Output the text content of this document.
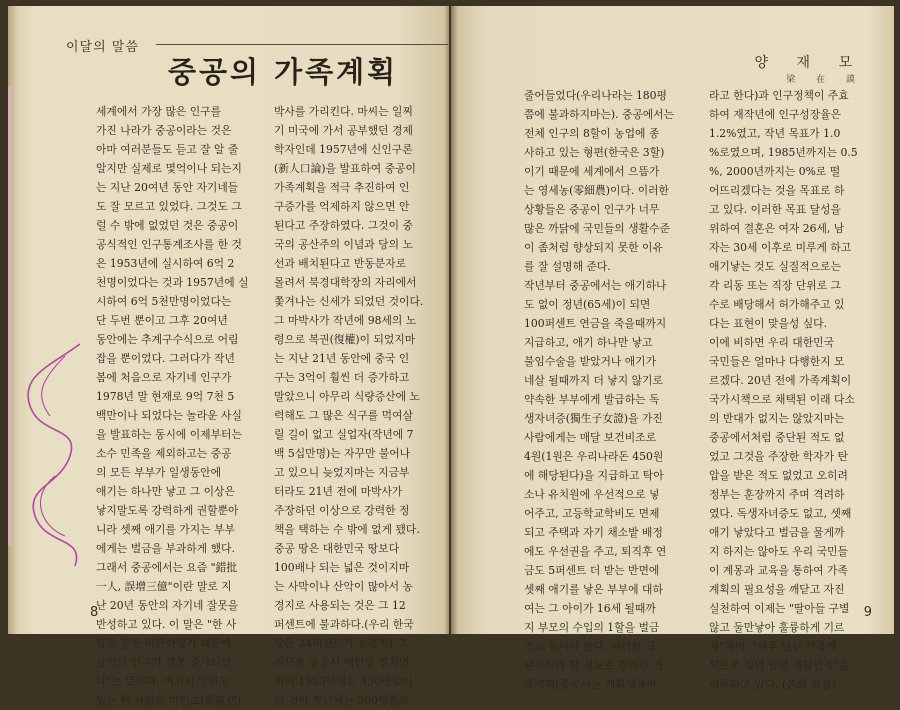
이달의 말씀
중공의 가족계획
세계에서 가장 많은 인구를
가진 나라가 중공이라는 것은
아마 여러분들도 듣고 잘 알 줄
알지만 실제로 몇억이나 되는지
는 지난 20여년 동안 자기네들
도 잘 모르고 있었다. 그것도 그
럴 수 밖에 없었던 것은 중공이
공식적인 인구통계조사를 한 것
은 1953년에 실시하여 6억 2
천명이었다는 것과 1957년에 실
시하여 6억 5천만명이었다는
단 두번 뿐이고 그후 20여년
동안에는 추계구수식으로 어림
잡을 뿐이었다. 그러다가 작년
봄에 처음으로 자기네 인구가
1978년 말 현재로 9억 7천 5
백만이나 되었다는 놀라운 사실
을 발표하는 동시에 이제부터는
소수 민족을 제외하고는 중공
의 모든 부부가 일생동안에
애기는 하나만 낳고 그 이상은
낳지말도록 강력하게 권할뿐아
니라 셋째 애기를 가지는 부부
에게는 벌금을 부과하게 했다.
그래서 중공에서는 요즘 "錯批
一人, 誤增三億"이란 말로 지
난 20년 동안의 자기네 잘못을
반성하고 있다. 이 말은 "한 사
람을 잘못 비판하였기 때문에
삼억의 인구가 잘못 증가되었
다"는 뜻이다. 여기서 말하고
있는 한 사람은 마인초(馬寅初)
박사를 가리킨다. 마씨는 일찌
기 미국에 가서 공부했던 경제
학자인데 1957년에 신인구론
(新人口論)을 발표하여 중공이
가족계획을 적극 추진하여 인
구증가를 억제하지 않으면 안
된다고 주장하였다. 그것이 중
국의 공산주의 이념과 당의 노
선과 배치된다고 반동분자로
몰려서 북경대학장의 자리에서
쫓겨나는 신세가 되었던 것이다.
그 마박사가 작년에 98세의 노
령으로 복권(復權)이 되었지마
는 지난 21년 동안에 중국 인
구는 3억이 훨씬 더 증가하고
말았으니 아무리 식량증산에 노
력해도 그 많은 식구를 먹여살
릴 길이 없고 실업자(작년에 7
백 5십만명)는 자꾸만 불어나
고 있으니 늦었지마는 지금부
터라도 21년 전에 마박사가
주장하던 이상으로 강력한 정
책을 택하는 수 밖에 없게 됐다.
중공 땅은 대한민국 땅보다
100배나 되는 넓은 것이지마
는 사막이나 산악이 많아서 농
경지로 사용되는 것은 그 12
퍼센트에 불과하다.(우리 한국
땅은 24퍼센트가 농경지) 그
러므로 중공서 매인당 경지면
적이 1953년에는 450평쯤이
던 것이 작년에는 300평쯤로
8
양 재 모
梁 在 謨
줄어들었다(우리나라는 180평
쯤에 불과하지마는). 중공에서는
전체 인구의 8할이 농업에 종
사하고 있는 형편(한국은 3할)
이기 때문에 세계에서 으뜸가
는 영세농(零細農)이다. 이러한
상황들은 중공이 인구가 너무
많은 까닭에 국민들의 생활수준
이 좀처럼 향상되지 못한 이유
를 잘 설명해 준다.
작년부터 중공에서는 애기하나
도 없이 정년(65세)이 되면
100퍼센트 연금을 죽을때까지
지급하고, 애기 하나만 낳고
불임수술을 받았거나 애기가
네살 될때까지 더 낳지 않기로
약속한 부부에게 발급하는 독
생자녀증(獨生子女證)을 가진
사람에게는 매달 보건비조로
4원(1원은 우리나라돈 450원
에 해당된다)을 지급하고 탁아
소나 유치원에 우선적으로 넣
어주고, 고등학교학비도 면제
되고 주택과 자기 채소밭 배정
에도 우선권을 주고, 퇴직후 연
금도 5퍼센트 더 받는 반면에
셋째 애기를 낳은 부부에 대하
여는 그 아이가 16세 될때까
지 부모의 수입의 1할을 벌금
조로 물어야 한다. 이러한 극
단적이라 할 정도로 강력한 가
족계획(중공서는 계획생육이
라고 한다)과 인구정책이 주효
하여 재작년에 인구성장율은
1.2%였고, 작년 목표가 1.0
%로였으며, 1985년까지는 0.5
%, 2000년까지는 0%로 떨
어뜨리겠다는 것을 목표로 하
고 있다. 이러한 목표 달성을
위하여 결혼은 여자 26세, 남
자는 30세 이후로 미루게 하고
애기낳는 것도 실질적으로는
각 리동 또는 직장 단위로 그
수로 배당해서 허가해주고 있
다는 표현이 맞을성 싶다.
이에 비하면 우리 대한민국
국민들은 얼마나 다행한지 모
르겠다. 20년 전에 가족계획이
국가시책으로 채택된 이래 다소
의 반대가 없지는 않았지마는
중공에서처럼 중단된 적도 없
었고 그것을 주장한 학자가 탄
압을 받은 적도 없었고 오히려
정부는 훈장까지 주며 격려하
였다. 독생자녀증도 없고, 셋째
애기 낳았다고 벌금을 물게까
지 하지는 않아도 우리 국민들
이 계몽과 교육을 통하여 가족
계획의 필요성을 깨닫고 자진
실천하여 이제는 "딸아들 구별
않고 둘만낳아 훌륭하게 기르
자"하며, "하루 앞선 가족계
획으로 십년 앞선 생활안정"을
이룩하고 있다. (본회 회장)
9
